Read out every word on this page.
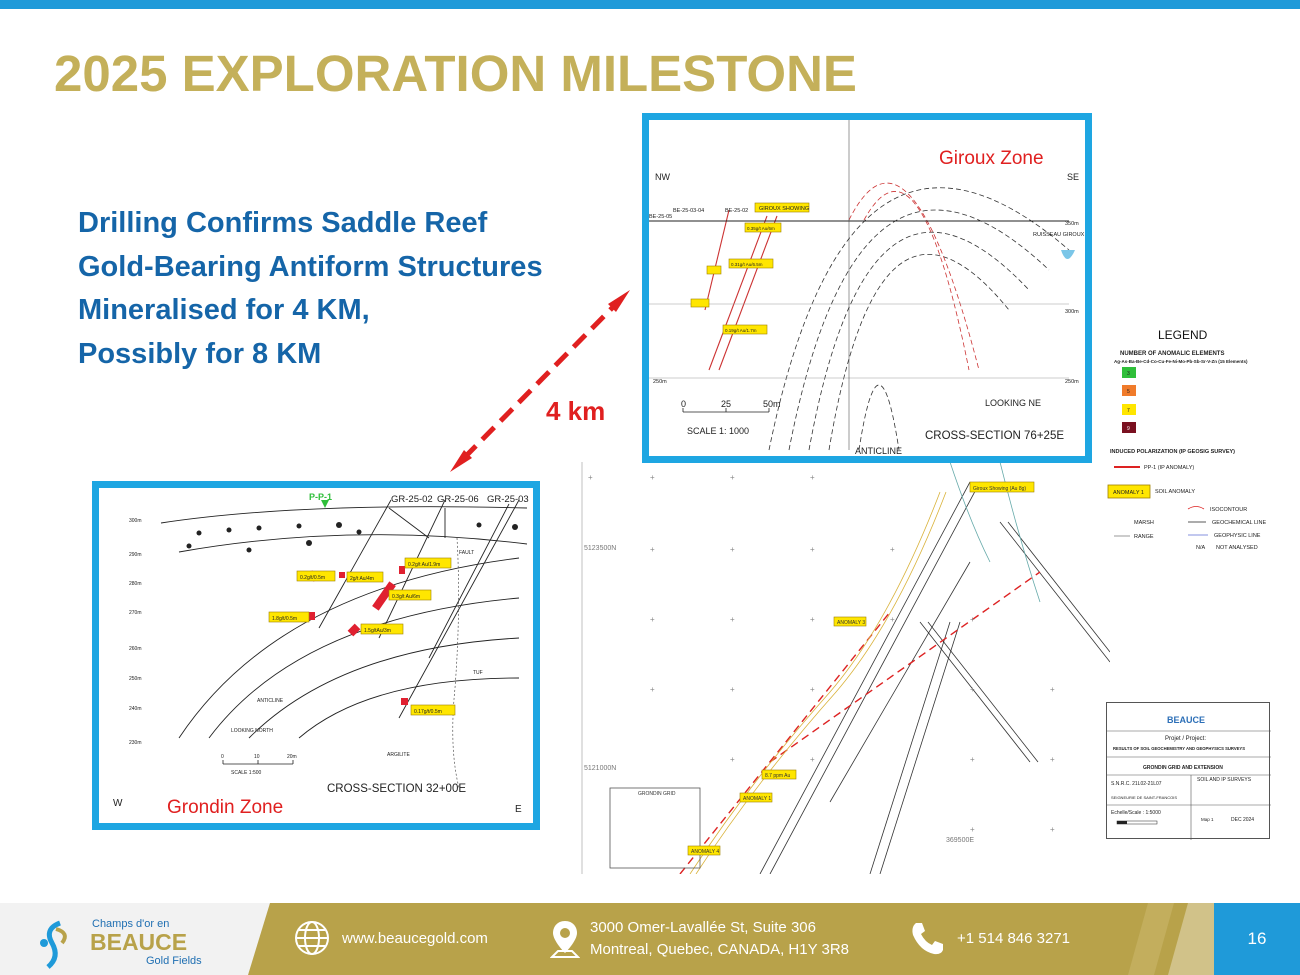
2025 EXPLORATION MILESTONE
Drilling Confirms Saddle Reef
Gold-Bearing Antiform Structures
Mineralised for 4 KM,
Possibly for 8 KM
5123500N
5121000N
369500E
+	+	+	+
+	+	+	+
+	+	+	+	+
+	+	+	+	+
+	+	+	+
+	+
GRONDIN GRID
Giroux Showing (Au 8g)
ANOMALY 3
ANOMALY 1
ANOMALY 4
8.7 ppm Au
LEGEND
NUMBER OF ANOMALIC ELEMENTS
Ag-As-Ba-Be-Cd-Co-Cu-Fe-Ni-Mo-Pb-Sb-Sr-V-Zn (15 Elements)
3
5
7
9
INDUCED POLARIZATION (IP GEOSIG SURVEY)
PP-1 (IP ANOMALY)
ANOMALY 1 SOIL ANOMALY
ISOCONTOUR
MARSH	GEOCHEMICAL LINE
RANGE	GEOPHYSIC LINE
N/A NOT ANALYSED
BEAUCE
Projet / Project:
RESULTS OF SOIL GEOCHEMISTRY AND GEOPHYSICS SURVEYS
GRONDIN GRID AND EXTENSION
S.N.R.C. 21L02-21L07
SOIL AND IP SURVEYS
SEIGNEURIE DE SAINT-FRANCOIS
Echelle/Scale : 1:5000
Map 1	DEC 2024
Giroux Zone
NW	SE
BE-25-05
BE-25-03-04	BE-25-02 GIROUX SHOWING
RUISSEAU GIROUX
350m
300m
250m
250m
0.35g/t Au/6m
0.31g/t Au/6.5m
0.19g/t Au/1.7m
0	25	50m
SCALE 1: 1000
LOOKING NE
CROSS-SECTION 76+25E
ANTICLINE
4 km
P-P-1	GR-25-02 GR-25-06 GR-25-03
300m
290m
280m
270m
260m
250m
240m
230m
FAULT
TUF
ANTICLINE
LOOKING NORTH
ARGILITE
0.2g/t Au/1.9m
0.2g/t/0.5m	2g/t Au/4m
0.3g/t Au/6m
1.8g/t/0.5m
1.5g/tAu/3m
0.17g/t/0.5m
0	10	20m
SCALE 1:500
CROSS-SECTION 32+00E
W
E
Grondin Zone
Champs d'or en
BEAUCE
Gold Fields
www.beaucegold.com
3000 Omer-Lavallée St, Suite 306
Montreal, Quebec, CANADA, H1Y 3R8
+1 514 846 3271	16
